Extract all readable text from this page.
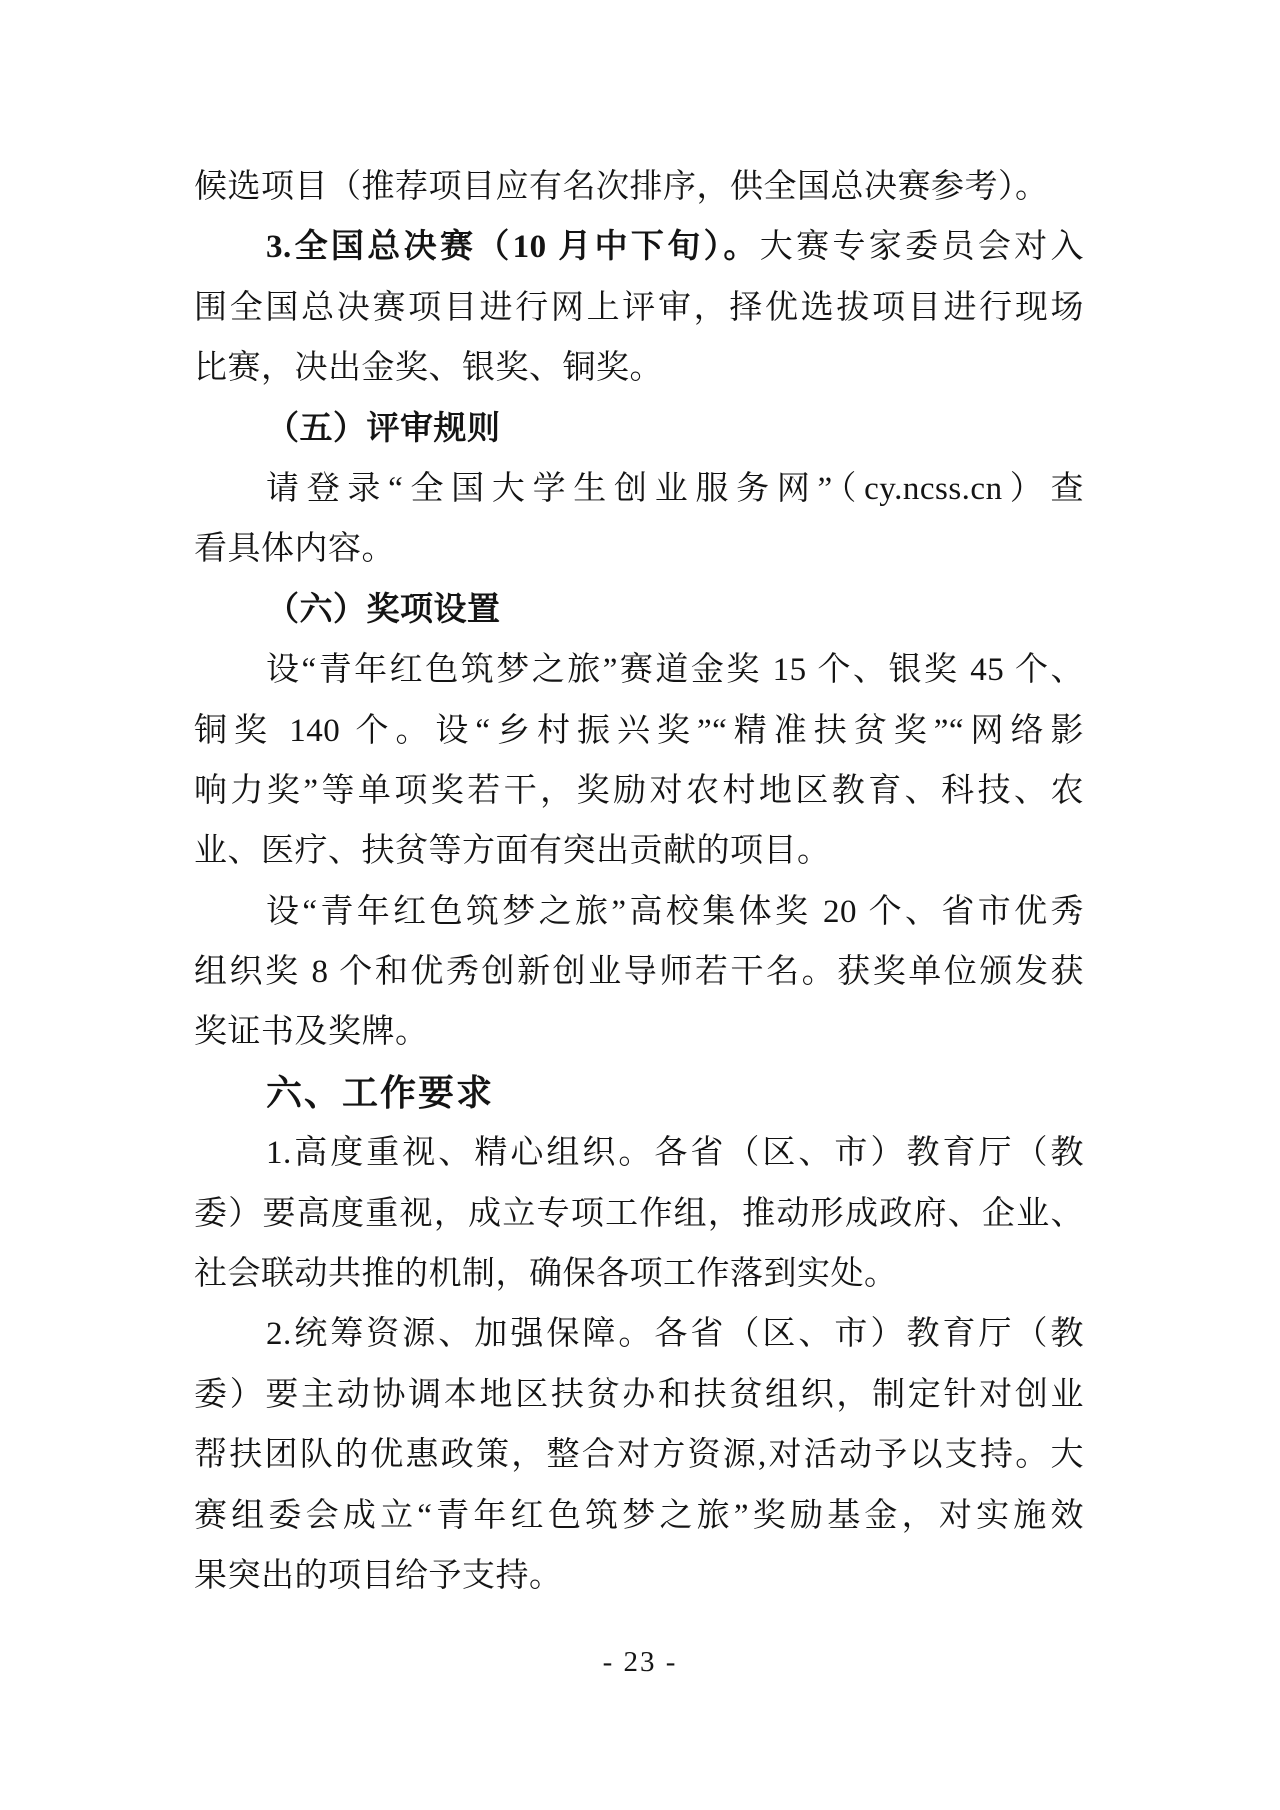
候选项目（推荐项目应有名次排序，供全国总决赛参考）。
3.全国总决赛（10 月中下旬）。大赛专家委员会对入
围全国总决赛项目进行网上评审，择优选拔项目进行现场
比赛，决出金奖、银奖、铜奖。
（五）评审规则
请登录“全国大学生创业服务网”（cy.ncss.cn）查
看具体内容。
（六）奖项设置
设“青年红色筑梦之旅”赛道金奖 15 个、银奖 45 个、
铜奖 140 个。设“乡村振兴奖”“精准扶贫奖”“网络影
响力奖”等单项奖若干，奖励对农村地区教育、科技、农
业、医疗、扶贫等方面有突出贡献的项目。
设“青年红色筑梦之旅”高校集体奖 20 个、省市优秀
组织奖 8 个和优秀创新创业导师若干名。获奖单位颁发获
奖证书及奖牌。
六、工作要求
1.高度重视、精心组织。各省（区、市）教育厅（教
委）要高度重视，成立专项工作组，推动形成政府、企业、
社会联动共推的机制，确保各项工作落到实处。
2.统筹资源、加强保障。各省（区、市）教育厅（教
委）要主动协调本地区扶贫办和扶贫组织，制定针对创业
帮扶团队的优惠政策，整合对方资源,对活动予以支持。大
赛组委会成立“青年红色筑梦之旅”奖励基金，对实施效
果突出的项目给予支持。
- 23 -
